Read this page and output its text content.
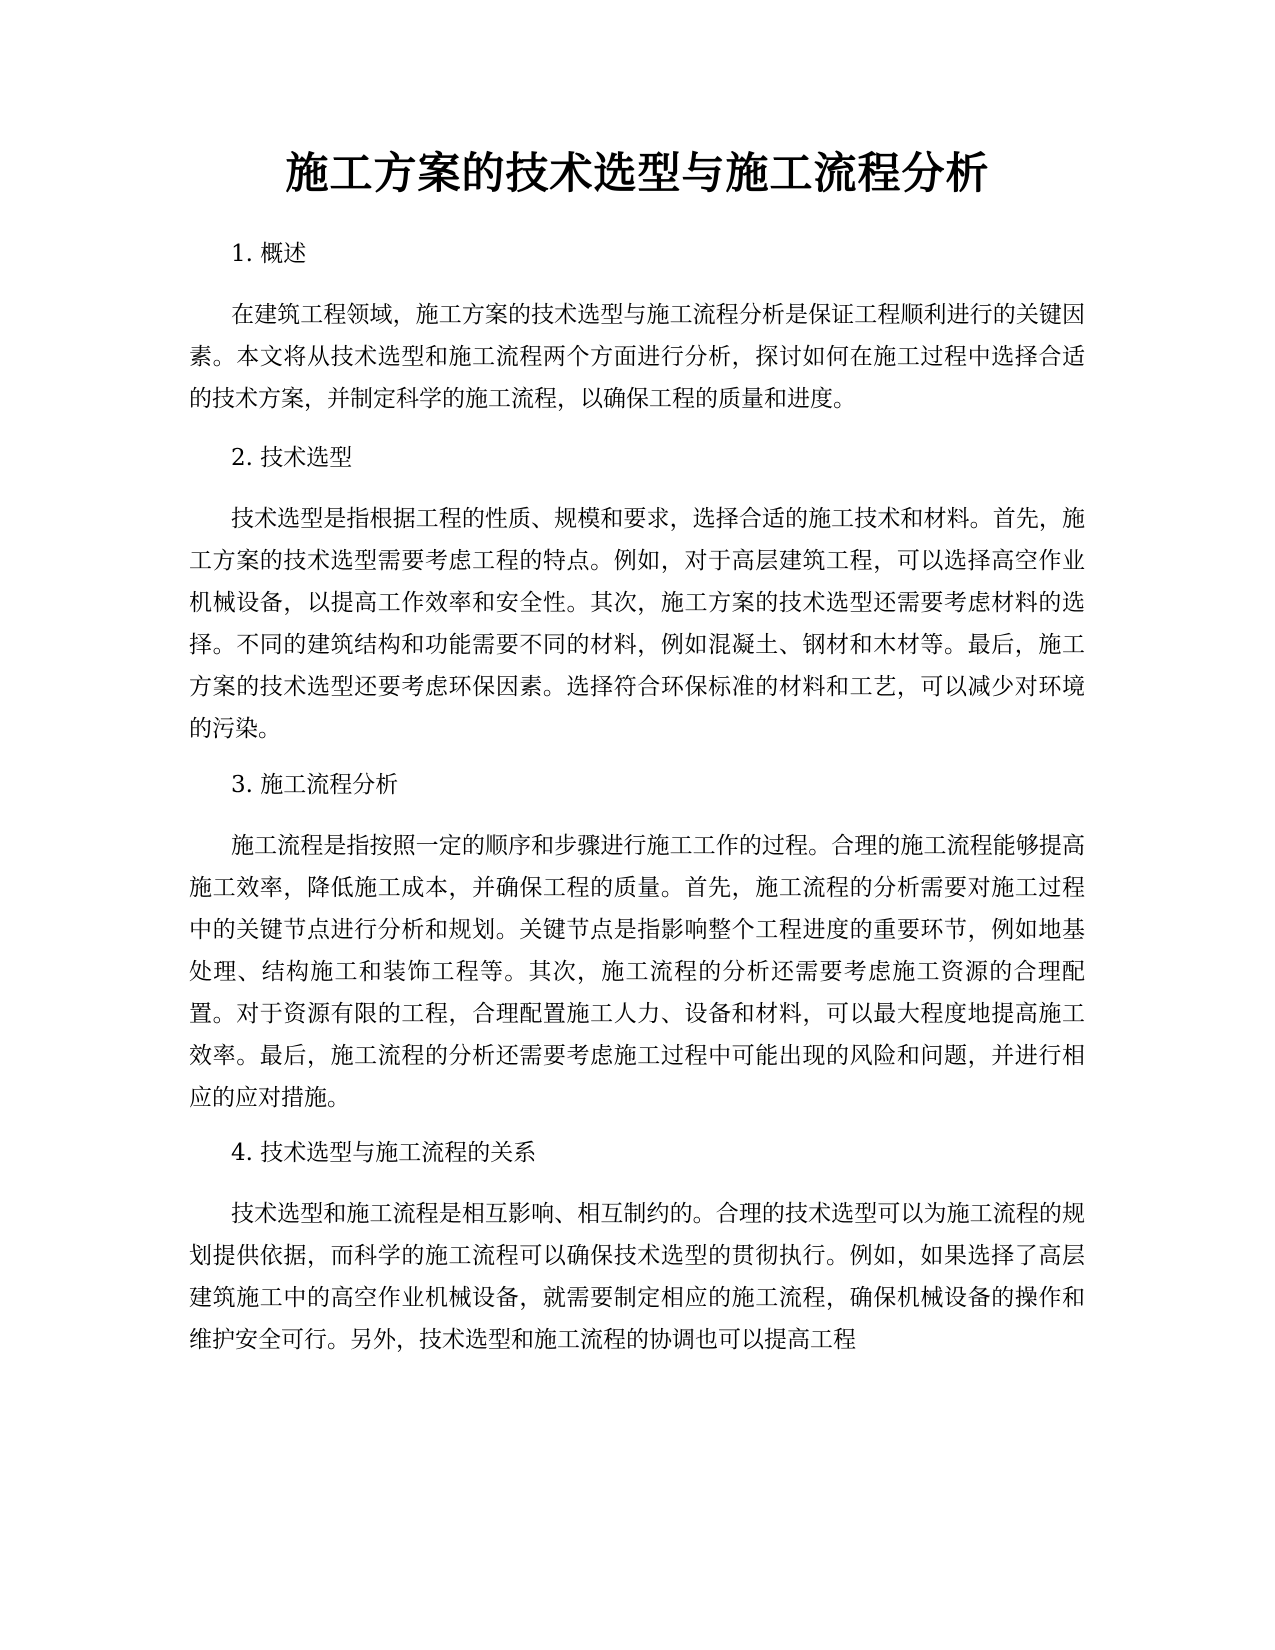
施工方案的技术选型与施工流程分析

1. 概述

在建筑工程领域，施工方案的技术选型与施工流程分析是保证工程顺利进行的关键因素。本文将从技术选型和施工流程两个方面进行分析，探讨如何在施工过程中选择合适的技术方案，并制定科学的施工流程，以确保工程的质量和进度。

2. 技术选型

技术选型是指根据工程的性质、规模和要求，选择合适的施工技术和材料。首先，施工方案的技术选型需要考虑工程的特点。例如，对于高层建筑工程，可以选择高空作业机械设备，以提高工作效率和安全性。其次，施工方案的技术选型还需要考虑材料的选择。不同的建筑结构和功能需要不同的材料，例如混凝土、钢材和木材等。最后，施工方案的技术选型还要考虑环保因素。选择符合环保标准的材料和工艺，可以减少对环境的污染。

3. 施工流程分析

施工流程是指按照一定的顺序和步骤进行施工工作的过程。合理的施工流程能够提高施工效率，降低施工成本，并确保工程的质量。首先，施工流程的分析需要对施工过程中的关键节点进行分析和规划。关键节点是指影响整个工程进度的重要环节，例如地基处理、结构施工和装饰工程等。其次，施工流程的分析还需要考虑施工资源的合理配置。对于资源有限的工程，合理配置施工人力、设备和材料，可以最大程度地提高施工效率。最后，施工流程的分析还需要考虑施工过程中可能出现的风险和问题，并进行相应的应对措施。

4. 技术选型与施工流程的关系

技术选型和施工流程是相互影响、相互制约的。合理的技术选型可以为施工流程的规划提供依据，而科学的施工流程可以确保技术选型的贯彻执行。例如，如果选择了高层建筑施工中的高空作业机械设备，就需要制定相应的施工流程，确保机械设备的操作和维护安全可行。另外，技术选型和施工流程的协调也可以提高工程
